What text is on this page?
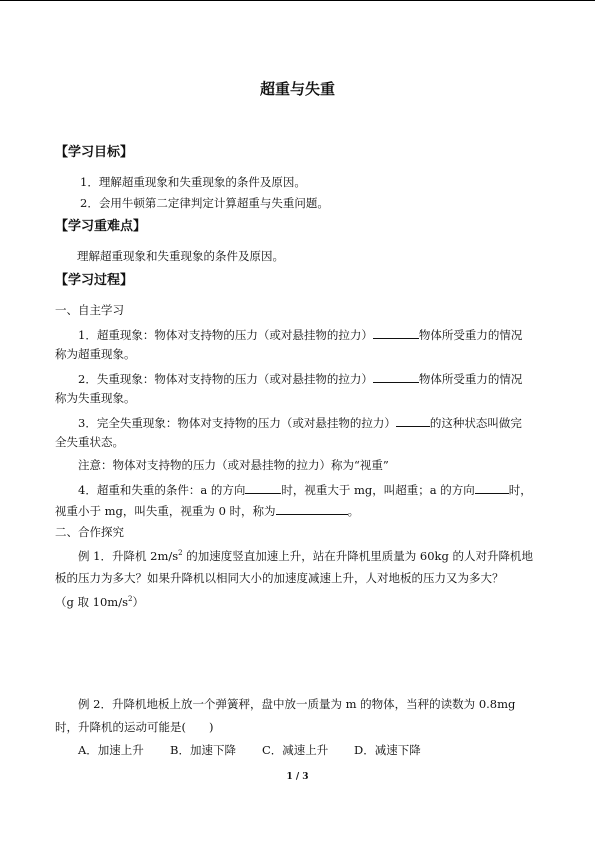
超重与失重
【学习目标】
1．理解超重现象和失重现象的条件及原因。
2．会用牛顿第二定律判定计算超重与失重问题。
【学习重难点】
理解超重现象和失重现象的条件及原因。
【学习过程】
一、自主学习
1．超重现象：物体对支持物的压力（或对悬挂物的拉力）	物体所受重力的情况
称为超重现象。
2．失重现象：物体对支持物的压力（或对悬挂物的拉力）	物体所受重力的情况
称为失重现象。
3．完全失重现象：物体对支持物的压力（或对悬挂物的拉力）	的这种状态叫做完
全失重状态。
注意：物体对支持物的压力（或对悬挂物的拉力）称为“视重”
4．超重和失重的条件：a 的方向	时，视重大于 mg，叫超重；a 的方向	时，
视重小于 mg，叫失重，视重为 0 时，称为	。
二、合作探究
例 1．升降机 $2m/s^2$ 的加速度竖直加速上升，站在升降机里质量为 60kg 的人对升降机地
板的压力为多大？如果升降机以相同大小的加速度减速上升，人对地板的压力又为多大？
（g 取 $10m/s^2$）
例 2．升降机地板上放一个弹簧秤，盘中放一质量为 m 的物体，当秤的读数为 0.8mg
时，升降机的运动可能是(　　)
A．加速上升 B．加速下降 C．减速上升 D．减速下降
1 / 3
